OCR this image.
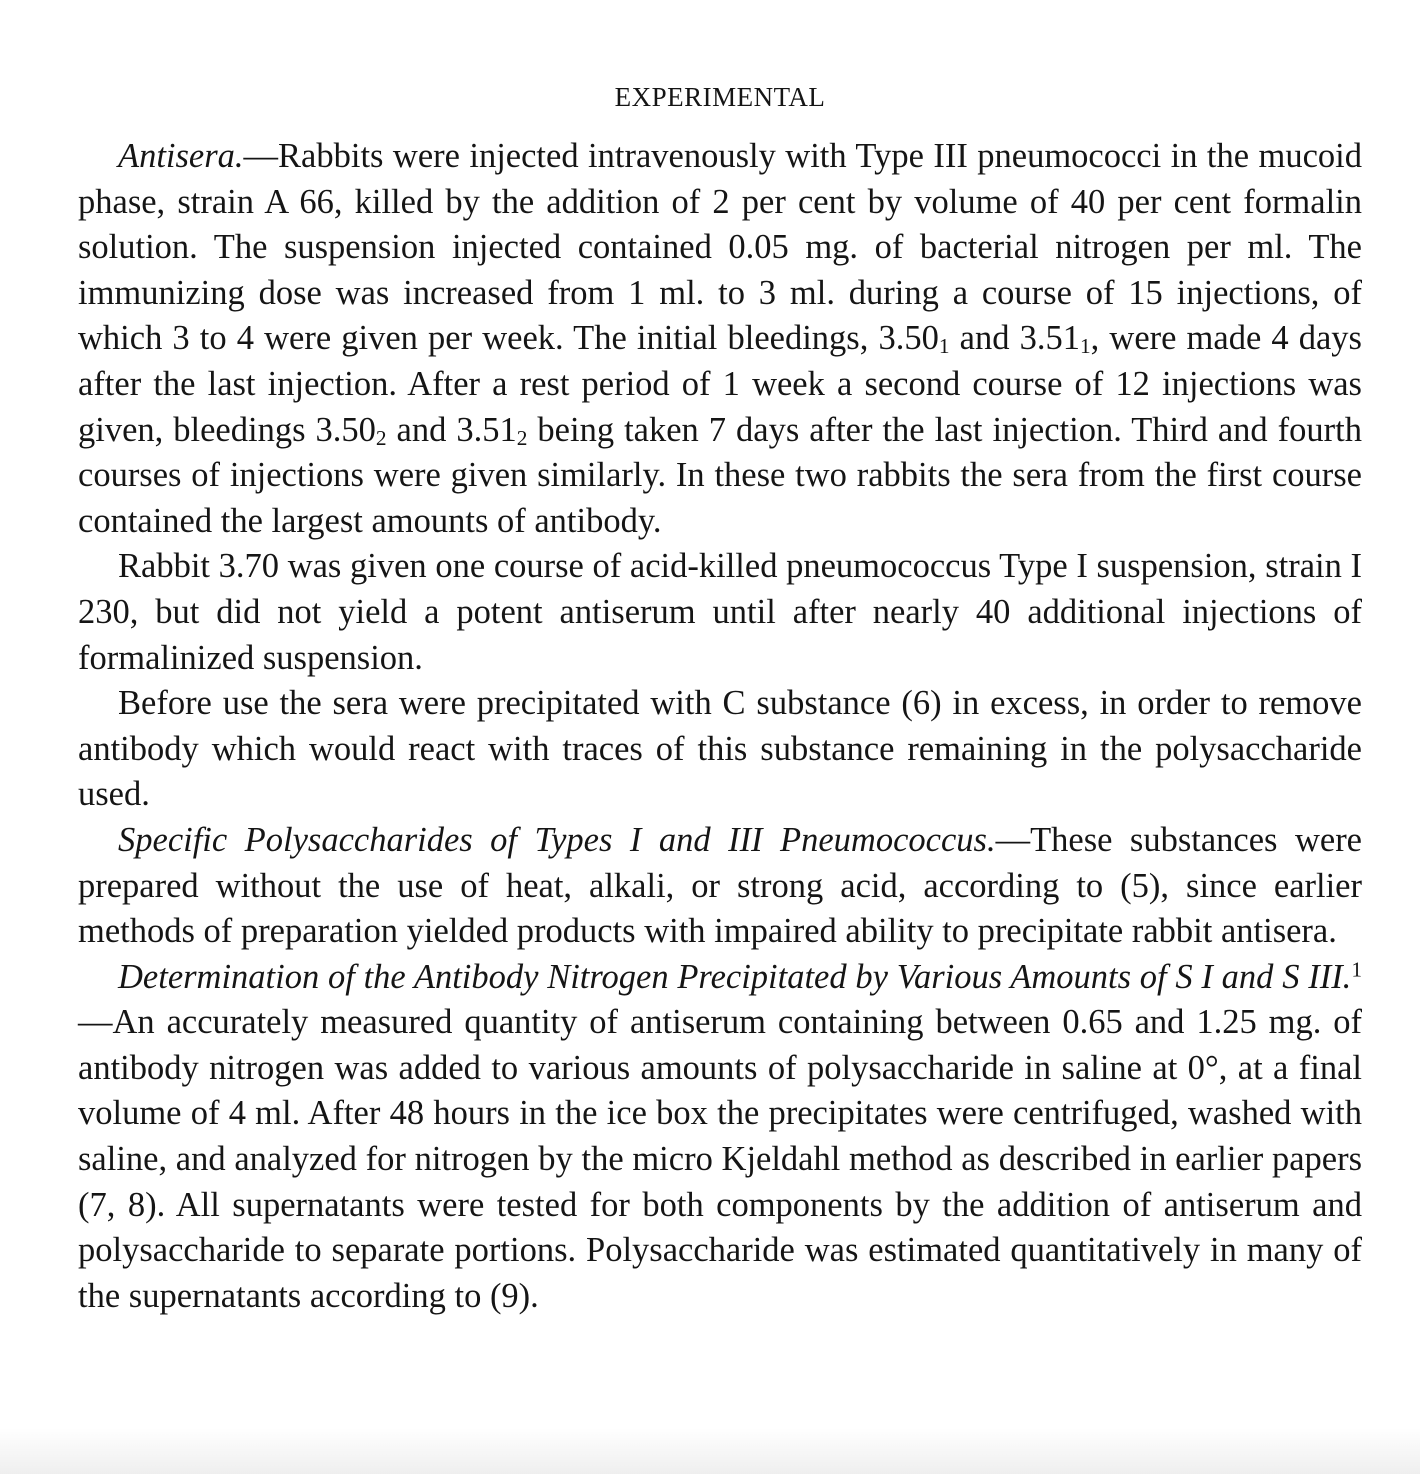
EXPERIMENTAL

Antisera.—Rabbits were injected intravenously with Type III pneumococci in the mucoid phase, strain A 66, killed by the addition of 2 per cent by volume of 40 per cent formalin solution. The suspension injected contained 0.05 mg. of bacterial nitrogen per ml. The immunizing dose was increased from 1 ml. to 3 ml. during a course of 15 injections, of which 3 to 4 were given per week. The initial bleedings, $3.50_1$ and $3.51_1$, were made 4 days after the last injection. After a rest period of 1 week a second course of 12 injections was given, bleedings $3.50_2$ and $3.51_2$ being taken 7 days after the last injection. Third and fourth courses of injections were given similarly. In these two rabbits the sera from the first course contained the largest amounts of antibody.

Rabbit 3.70 was given one course of acid-killed pneumococcus Type I suspension, strain I 230, but did not yield a potent antiserum until after nearly 40 additional injections of formalinized suspension.

Before use the sera were precipitated with C substance (6) in excess, in order to remove antibody which would react with traces of this substance remaining in the polysaccharide used.

Specific Polysaccharides of Types I and III Pneumococcus.—These substances were prepared without the use of heat, alkali, or strong acid, according to (5), since earlier methods of preparation yielded products with impaired ability to precipitate rabbit antisera.

Determination of the Antibody Nitrogen Precipitated by Various Amounts of S I and S III.$^1$—An accurately measured quantity of antiserum containing between 0.65 and 1.25 mg. of antibody nitrogen was added to various amounts of polysaccharide in saline at 0°, at a final volume of 4 ml. After 48 hours in the ice box the precipitates were centrifuged, washed with saline, and analyzed for nitrogen by the micro Kjeldahl method as described in earlier papers (7, 8). All supernatants were tested for both components by the addition of antiserum and polysaccharide to separate portions. Polysaccharide was estimated quantitatively in many of the supernatants according to (9).
